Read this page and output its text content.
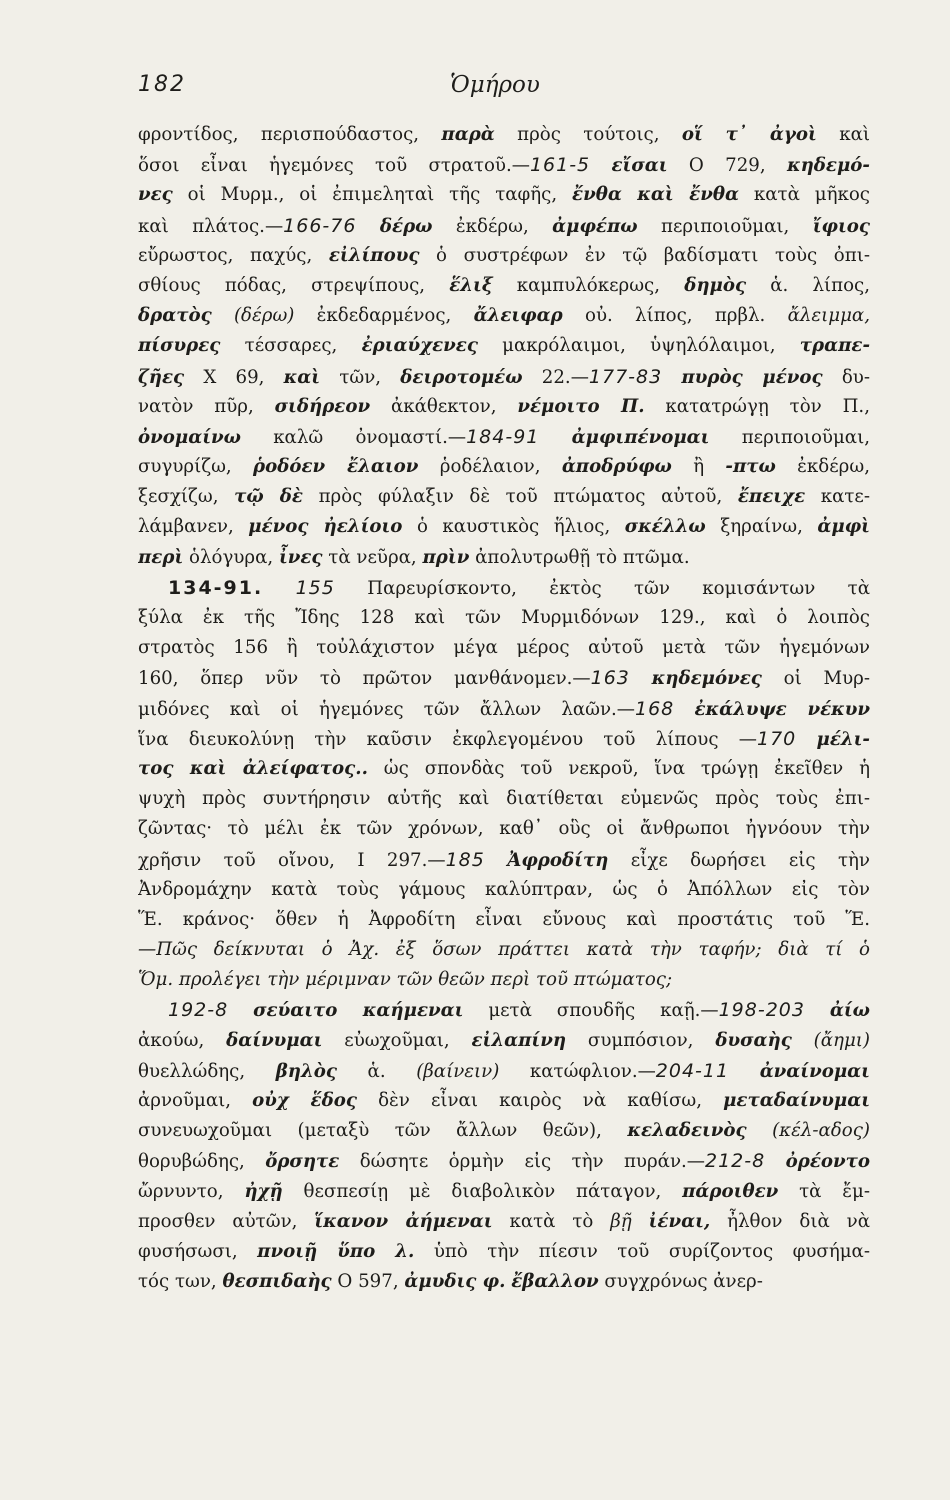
182	Ὁμήρου
φροντίδος, περισπούδαστος, παρὰ πρὸς τούτοις, οἵ τ᾿ ἀγοὶ καὶ
ὅσοι εἶναι ἡγεμόνες τοῦ στρατοῦ.—161-5 εἴσαι Ο 729, κηδεμό-
νες οἱ Μυρμ., οἱ ἐπιμεληταὶ τῆς ταφῆς, ἔνθα καὶ ἔνθα κατὰ μῆκος
καὶ πλάτος.—166-76 δέρω ἐκδέρω, ἀμφέπω περιποιοῦμαι, ἴφιος
εὔρωστος, παχύς, εἰλίπους ὁ συστρέφων ἐν τῷ βαδίσματι τοὺς ὀπι-
σθίους πόδας, στρεψίπους, ἕλιξ καμπυλόκερως, δημὸς ἁ. λίπος,
δρατὸς (δέρω) ἐκδεδαρμένος, ἄλειφαρ οὐ. λίπος, πρβλ. ἄλειμμα,
πίσυρες τέσσαρες, ἐριαύχενες μακρόλαιμοι, ὑψηλόλαιμοι, τραπε-
ζῆες Χ 69, καὶ τῶν, δειροτομέω 22.—177-83 πυρὸς μένος δυ-
νατὸν πῦρ, σιδήρεον ἀκάθεκτον, νέμοιτο Π. κατατρώγῃ τὸν Π.,
ὀνομαίνω καλῶ ὀνομαστί.—184-91 ἀμφιπένομαι περιποιοῦμαι,
συγυρίζω, ῥοδόεν ἔλαιον ῥοδέλαιον, ἀποδρύφω ἢ -πτω ἐκδέρω,
ξεσχίζω, τῷ δὲ πρὸς φύλαξιν δὲ τοῦ πτώματος αὐτοῦ, ἔπειχε κατε-
λάμβανεν, μένος ἠελίοιο ὁ καυστικὸς ἥλιος, σκέλλω ξηραίνω, ἀμφὶ
περὶ ὁλόγυρα, ἶνες τὰ νεῦρα, πρὶν ἀπολυτρωθῇ τὸ πτῶμα.
134-91. 155 Παρευρίσκοντο, ἐκτὸς τῶν κομισάντων τὰ
ξύλα ἐκ τῆς Ἴδης 128 καὶ τῶν Μυρμιδόνων 129., καὶ ὁ λοιπὸς
στρατὸς 156 ἢ τοὐλάχιστον μέγα μέρος αὐτοῦ μετὰ τῶν ἡγεμόνων
160, ὅπερ νῦν τὸ πρῶτον μανθάνομεν.—163 κηδεμόνες οἱ Μυρ-
μιδόνες καὶ οἱ ἡγεμόνες τῶν ἄλλων λαῶν.—168 ἐκάλυψε νέκυν
ἵνα διευκολύνῃ τὴν καῦσιν ἐκφλεγομένου τοῦ λίπους —170 μέλι-
τος καὶ ἀλείφατος.. ὡς σπονδὰς τοῦ νεκροῦ, ἵνα τρώγῃ ἐκεῖθεν ἡ
ψυχὴ πρὸς συντήρησιν αὐτῆς καὶ διατίθεται εὐμενῶς πρὸς τοὺς ἐπι-
ζῶντας· τὸ μέλι ἐκ τῶν χρόνων, καθ᾿ οὓς οἱ ἄνθρωποι ἠγνόουν τὴν
χρῆσιν τοῦ οἴνου, Ι 297.—185 Ἀφροδίτη εἶχε δωρήσει εἰς τὴν
Ἀνδρομάχην κατὰ τοὺς γάμους καλύπτραν, ὡς ὁ Ἀπόλλων εἰς τὸν
Ἕ. κράνος· ὅθεν ἡ Ἀφροδίτη εἶναι εὔνους καὶ προστάτις τοῦ Ἕ.
—Πῶς δείκνυται ὁ Ἀχ. ἐξ ὅσων πράττει κατὰ τὴν ταφήν; διὰ τί ὁ
Ὅμ. προλέγει τὴν μέριμναν τῶν θεῶν περὶ τοῦ πτώματος;
192-8 σεύαιτο καήμεναι μετὰ σπουδῆς καῇ.—198-203 ἀίω
ἀκούω, δαίνυμαι εὐωχοῦμαι, εἰλαπίνη συμπόσιον, δυσαὴς (ἄημι)
θυελλώδης, βηλὸς ἁ. (βαίνειν) κατώφλιον.—204-11 ἀναίνομαι
ἀρνοῦμαι, οὐχ ἕδος δὲν εἶναι καιρὸς νὰ καθίσω, μεταδαίνυμαι
συνευωχοῦμαι (μεταξὺ τῶν ἄλλων θεῶν), κελαδεινὸς (κέλ-αδος)
θορυβώδης, ὄρσητε δώσητε ὁρμὴν εἰς τὴν πυράν.—212-8 ὀρέοντο
ὤρνυντο, ἠχῇ θεσπεσίῃ μὲ διαβολικὸν πάταγον, πάροιθεν τὰ ἔμ-
προσθεν αὐτῶν, ἵκανον ἀήμεναι κατὰ τὸ βῇ ἰέναι, ἦλθον διὰ νὰ
φυσήσωσι, πνοιῇ ὕπο λ. ὑπὸ τὴν πίεσιν τοῦ συρίζοντος φυσήμα-
τός των, θεσπιδαὴς Ο 597, ἀμυδις φ. ἔβαλλον συγχρόνως ἀνερ-
